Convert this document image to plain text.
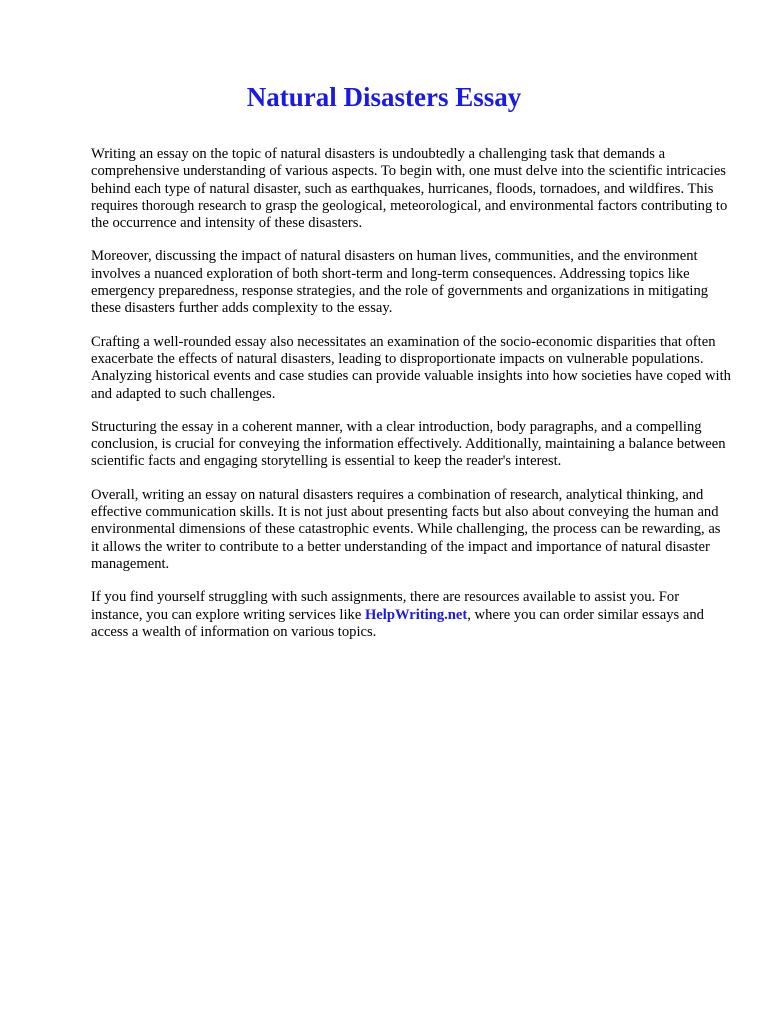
Natural Disasters Essay

Writing an essay on the topic of natural disasters is undoubtedly a challenging task that demands a comprehensive understanding of various aspects. To begin with, one must delve into the scientific intricacies behind each type of natural disaster, such as earthquakes, hurricanes, floods, tornadoes, and wildfires. This requires thorough research to grasp the geological, meteorological, and environmental factors contributing to the occurrence and intensity of these disasters.

Moreover, discussing the impact of natural disasters on human lives, communities, and the environment involves a nuanced exploration of both short-term and long-term consequences. Addressing topics like emergency preparedness, response strategies, and the role of governments and organizations in mitigating these disasters further adds complexity to the essay.

Crafting a well-rounded essay also necessitates an examination of the socio-economic disparities that often exacerbate the effects of natural disasters, leading to disproportionate impacts on vulnerable populations. Analyzing historical events and case studies can provide valuable insights into how societies have coped with and adapted to such challenges.

Structuring the essay in a coherent manner, with a clear introduction, body paragraphs, and a compelling conclusion, is crucial for conveying the information effectively. Additionally, maintaining a balance between scientific facts and engaging storytelling is essential to keep the reader's interest.

Overall, writing an essay on natural disasters requires a combination of research, analytical thinking, and effective communication skills. It is not just about presenting facts but also about conveying the human and environmental dimensions of these catastrophic events. While challenging, the process can be rewarding, as it allows the writer to contribute to a better understanding of the impact and importance of natural disaster management.

If you find yourself struggling with such assignments, there are resources available to assist you. For instance, you can explore writing services like HelpWriting.net, where you can order similar essays and access a wealth of information on various topics.
